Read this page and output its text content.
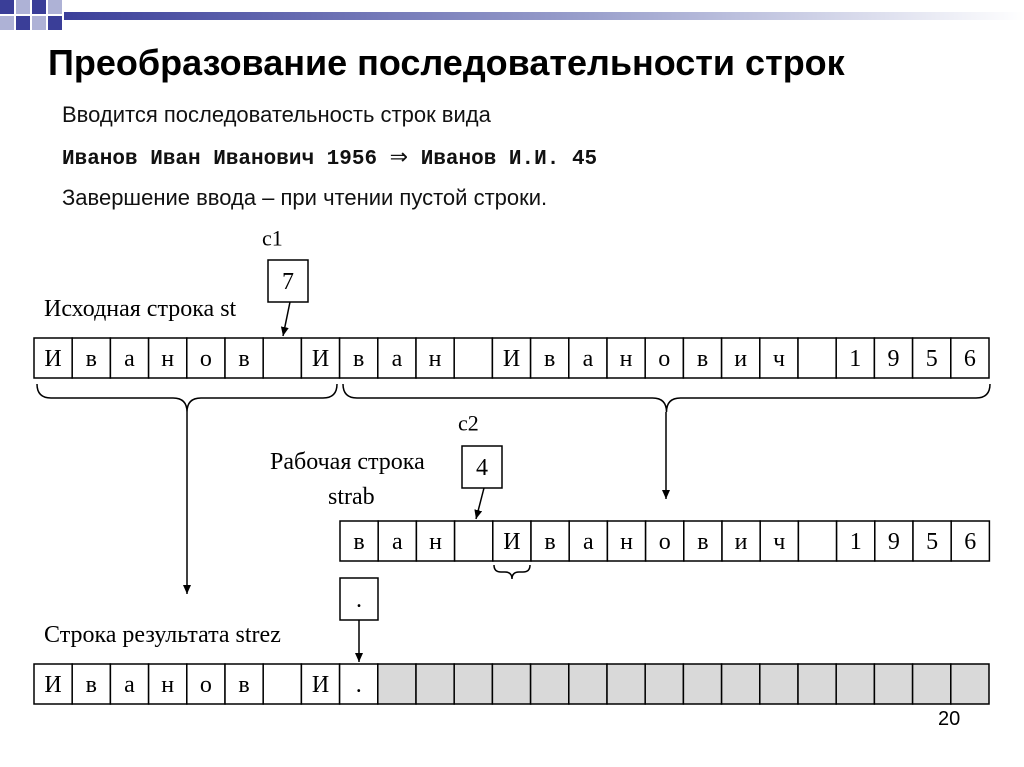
Преобразование последовательности строк
Вводится последовательность строк вида
Иванов Иван Иванович 1956 ⇒ Иванов И.И. 45
Завершение ввода – при чтении пустой строки.
Исходная строка st
Рабочая строка
strab
Строка результата strez
c1
7
c2
4
.
И в а н о в	И в а н	И в а н о в и ч	1 9 5 6
в а н	И в а н о в и ч	1 9 5 6
И в а н о в	И .
20
